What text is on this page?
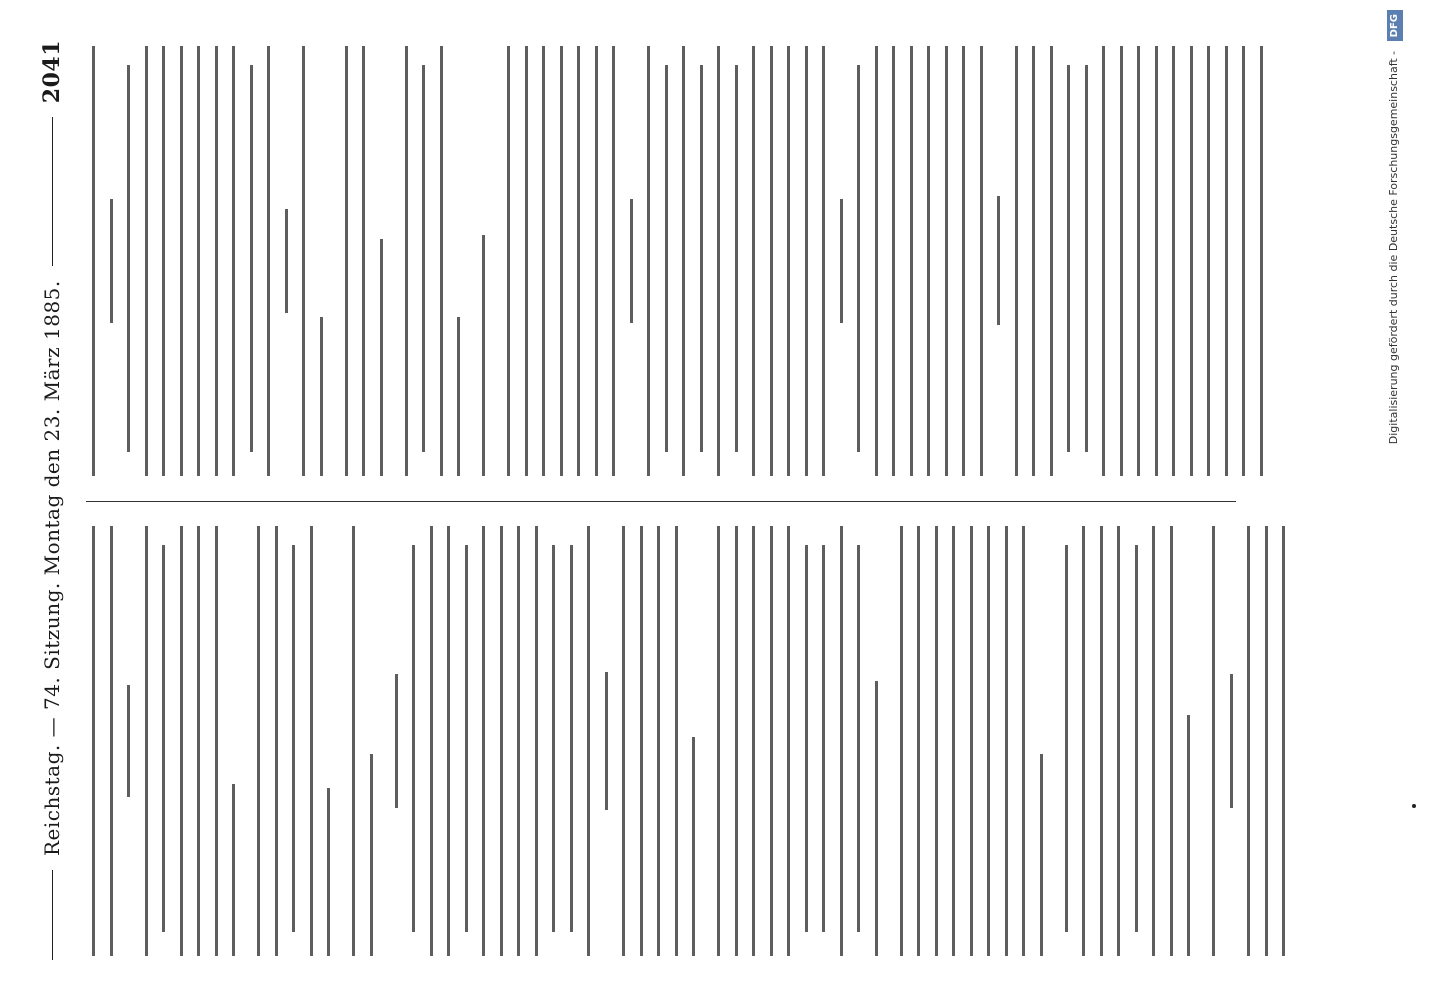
Reichstag. — 74. Sitzung. Montag den 23. März 1885.
2041	Digitalisierung gefördert durch die Deutsche Forschungsgemeinschaft - DFG
